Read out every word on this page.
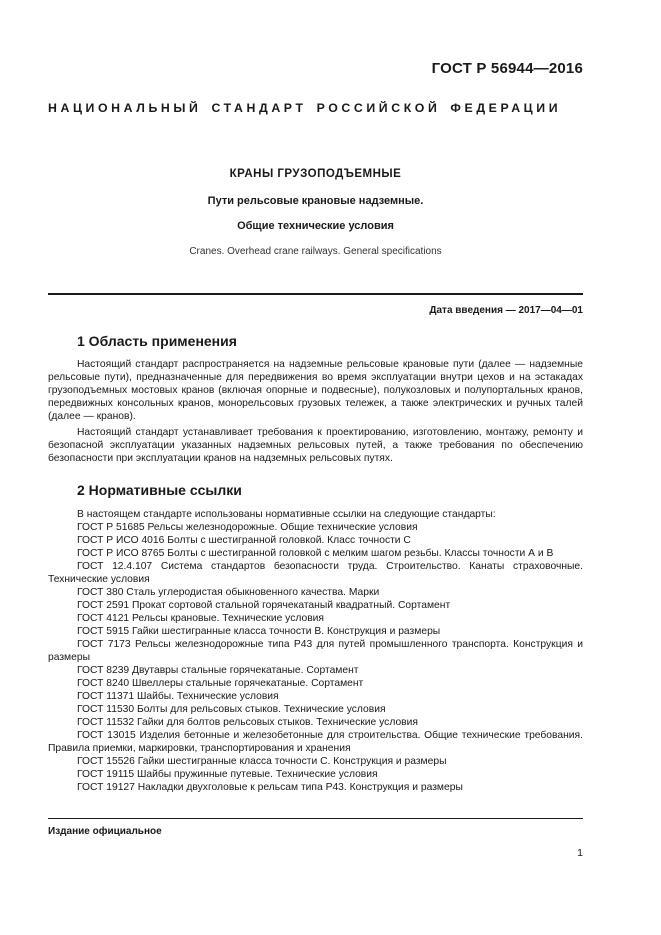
ГОСТ Р 56944—2016
НАЦИОНАЛЬНЫЙ СТАНДАРТ РОССИЙСКОЙ ФЕДЕРАЦИИ
КРАНЫ ГРУЗОПОДЪЕМНЫЕ
Пути рельсовые крановые надземные.
Общие технические условия
Cranes. Overhead crane railways. General specifications
Дата введения — 2017—04—01
1 Область применения

Настоящий стандарт распространяется на надземные рельсовые крановые пути (далее — надземные рельсовые пути), предназначенные для передвижения во время эксплуатации внутри цехов и на эстакадах грузоподъемных мостовых кранов (включая опорные и подвесные), полукозловых и полупортальных кранов, передвижных консольных кранов, монорельсовых грузовых тележек, а также электрических и ручных талей (далее — кранов).

Настоящий стандарт устанавливает требования к проектированию, изготовлению, монтажу, ремонту и безопасной эксплуатации указанных надземных рельсовых путей, а также требования по обеспечению безопасности при эксплуатации кранов на надземных рельсовых путях.

2 Нормативные ссылки

В настоящем стандарте использованы нормативные ссылки на следующие стандарты:

ГОСТ Р 51685 Рельсы железнодорожные. Общие технические условия

ГОСТ Р ИСО 4016 Болты с шестигранной головкой. Класс точности С

ГОСТ Р ИСО 8765 Болты с шестигранной головкой с мелким шагом резьбы. Классы точности А и В

ГОСТ 12.4.107 Система стандартов безопасности труда. Строительство. Канаты страховочные. Технические условия

ГОСТ 380 Сталь углеродистая обыкновенного качества. Марки

ГОСТ 2591 Прокат сортовой стальной горячекатаный квадратный. Сортамент

ГОСТ 4121 Рельсы крановые. Технические условия

ГОСТ 5915 Гайки шестигранные класса точности В. Конструкция и размеры

ГОСТ 7173 Рельсы железнодорожные типа Р43 для путей промышленного транспорта. Конструкция и размеры

ГОСТ 8239 Двутавры стальные горячекатаные. Сортамент

ГОСТ 8240 Швеллеры стальные горячекатаные. Сортамент

ГОСТ 11371 Шайбы. Технические условия

ГОСТ 11530 Болты для рельсовых стыков. Технические условия

ГОСТ 11532 Гайки для болтов рельсовых стыков. Технические условия

ГОСТ 13015 Изделия бетонные и железобетонные для строительства. Общие технические требования. Правила приемки, маркировки, транспортирования и хранения

ГОСТ 15526 Гайки шестигранные класса точности С. Конструкция и размеры

ГОСТ 19115 Шайбы пружинные путевые. Технические условия

ГОСТ 19127 Накладки двухголовые к рельсам типа Р43. Конструкция и размеры

Издание официальное
1
